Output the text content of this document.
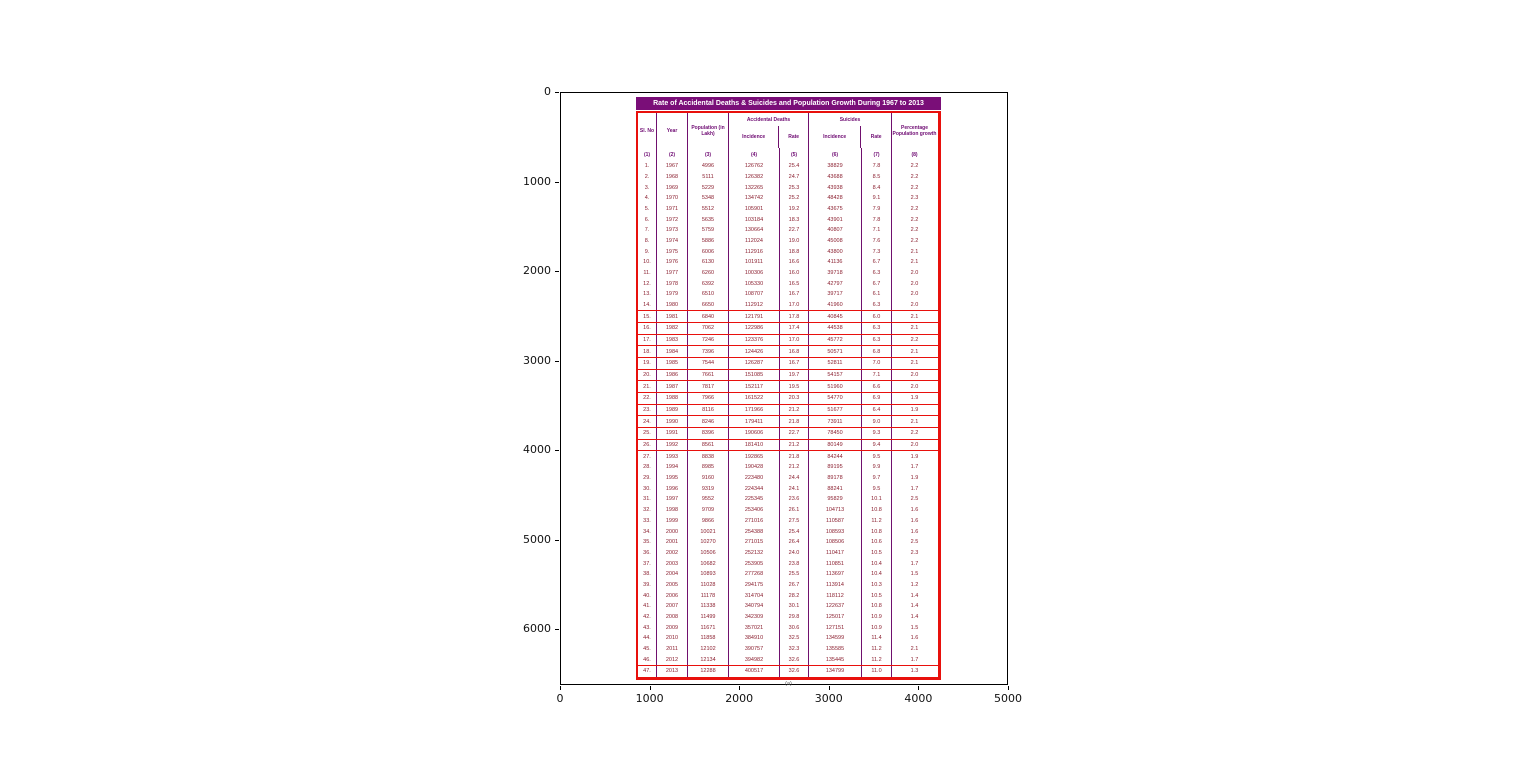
0
1000
2000
3000
4000
5000
6000
0	1000	2000	3000	4000	5000
Rate of Accidental Deaths & Suicides and Population Growth During 1967 to 2013
Sl. No	Year	Population (in Lakh)
Accidental Deaths
Incidence	Rate
Suicides
Incidence	Rate
Percentage Population growth
(1)	(2)	(3)	(4)	(5)	(6)	(7)	(8)
1.	1967	4996	126762	25.4	38829	7.8	2.2
2.	1968	5111	126382	24.7	43688	8.5	2.2
3.	1969	5229	132265	25.3	43938	8.4	2.2
4.	1970	5348	134742	25.2	48428	9.1	2.3
5.	1971	5512	105901	19.2	43675	7.9	2.2
6.	1972	5635	103184	18.3	43901	7.8	2.2
7.	1973	5759	130664	22.7	40807	7.1	2.2
8.	1974	5886	112024	19.0	45008	7.6	2.2
9.	1975	6006	112916	18.8	43800	7.3	2.1
10.	1976	6130	101911	16.6	41136	6.7	2.1
11.	1977	6260	100306	16.0	39718	6.3	2.0
12.	1978	6392	105330	16.5	42797	6.7	2.0
13.	1979	6510	108707	16.7	39717	6.1	2.0
14.	1980	6650	112912	17.0	41960	6.3	2.0
15.	1981	6840	121791	17.8	40845	6.0	2.1
16.	1982	7062	122986	17.4	44538	6.3	2.1
17.	1983	7246	123376	17.0	45772	6.3	2.2
18.	1984	7396	124426	16.8	50571	6.8	2.1
19.	1985	7544	126287	16.7	52811	7.0	2.1
20.	1986	7661	151085	19.7	54157	7.1	2.0
21.	1987	7817	152117	19.5	51960	6.6	2.0
22.	1988	7966	161522	20.3	54770	6.9	1.9
23.	1989	8116	171966	21.2	51677	6.4	1.9
24.	1990	8246	179411	21.8	73911	9.0	2.1
25.	1991	8396	190606	22.7	78450	9.3	2.2
26.	1992	8561	181410	21.2	80149	9.4	2.0
27.	1993	8838	192865	21.8	84244	9.5	1.9
28.	1994	8985	190428	21.2	89195	9.9	1.7
29.	1995	9160	223480	24.4	89178	9.7	1.9
30.	1996	9319	224344	24.1	88241	9.5	1.7
31.	1997	9552	225345	23.6	95829	10.1	2.5
32.	1998	9709	253406	26.1	104713	10.8	1.6
33.	1999	9866	271016	27.5	110587	11.2	1.6
34.	2000	10021	254388	25.4	108593	10.8	1.6
35.	2001	10270	271015	26.4	108506	10.6	2.5
36.	2002	10506	252132	24.0	110417	10.5	2.3
37.	2003	10682	253905	23.8	110851	10.4	1.7
38.	2004	10893	277268	25.5	113697	10.4	1.5
39.	2005	11028	294175	26.7	113914	10.3	1.2
40.	2006	11178	314704	28.2	118112	10.5	1.4
41.	2007	11338	340794	30.1	122637	10.8	1.4
42.	2008	11499	342309	29.8	125017	10.9	1.4
43.	2009	11671	357021	30.6	127151	10.9	1.5
44.	2010	11858	384910	32.5	134599	11.4	1.6
45.	2011	12102	390757	32.3	135585	11.2	2.1
46.	2012	12134	394982	32.6	135445	11.2	1.7
47.	2013	12288	400517	32.6	134799	11.0	1.3
(a)
